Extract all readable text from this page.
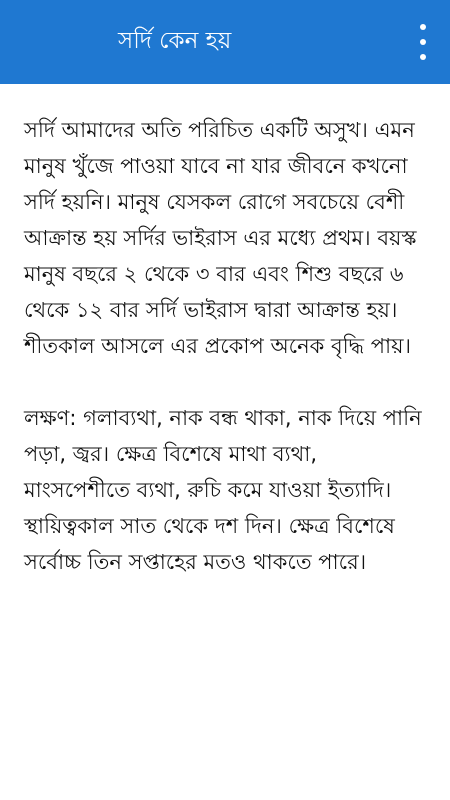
সর্দি কেন হয়

সর্দি আমাদের অতি পরিচিত একটি অসুখ। এমন মানুষ খুঁজে পাওয়া যাবে না যার জীবনে কখনো সর্দি হয়নি। মানুষ যেসকল রোগে সবচেয়ে বেশী আক্রান্ত হয় সর্দির ভাইরাস এর মধ্যে প্রথম। বয়স্ক মানুষ বছরে ২ থেকে ৩ বার এবং শিশু বছরে ৬ থেকে ১২ বার সর্দি ভাইরাস দ্বারা আক্রান্ত হয়। শীতকাল আসলে এর প্রকোপ অনেক বৃদ্ধি পায়।

লক্ষণ: গলাব্যথা, নাক বন্ধ থাকা, নাক দিয়ে পানি পড়া, জ্বর। ক্ষেত্র বিশেষে মাথা ব্যথা, মাংসপেশীতে ব্যথা, রুচি কমে যাওয়া ইত্যাদি।

স্থায়িত্বকাল সাত থেকে দশ দিন। ক্ষেত্র বিশেষে সর্বোচ্চ তিন সপ্তাহের মতও থাকতে পারে।
